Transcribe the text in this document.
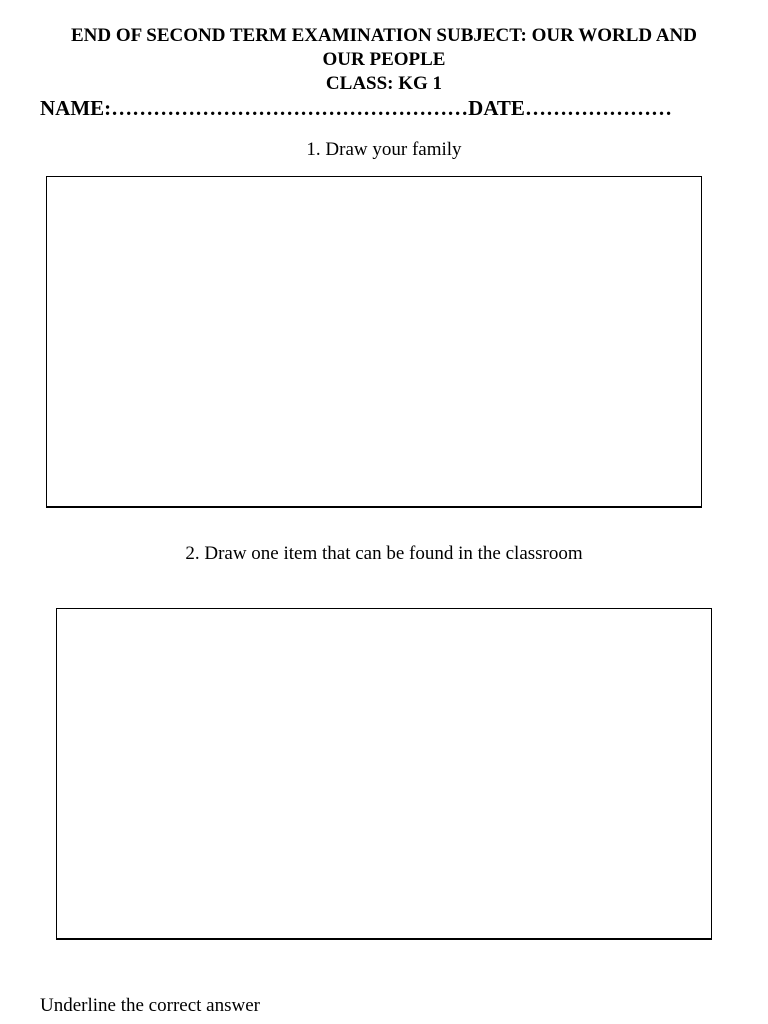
END OF SECOND TERM EXAMINATION SUBJECT: OUR WORLD AND
OUR PEOPLE
CLASS: KG 1
NAME:……………………………………………DATE…………………
1. Draw your family
2. Draw one item that can be found in the classroom
Underline the correct answer
